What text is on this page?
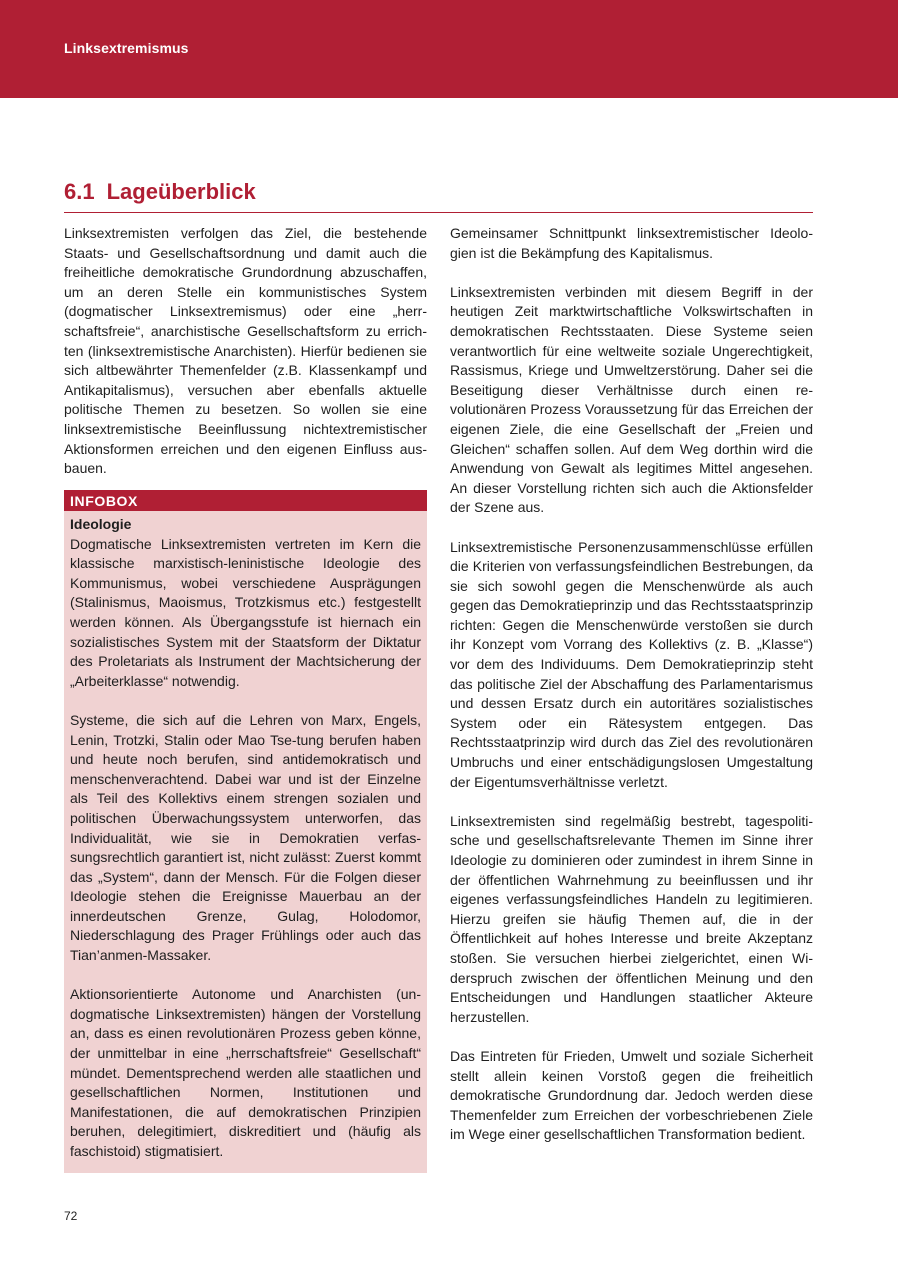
Linksextremismus
6.1 Lageüberblick

Linksextremisten verfolgen das Ziel, die bestehende Staats- und Gesellschaftsordnung und damit auch die freiheitliche demokratische Grundordnung abzuschaffen, um an deren Stelle ein kommunistisches System (dogmatischer Linksextremismus) oder eine „herrschaftsfreie“, anarchistische Gesellschaftsform zu errichten (linksextremistische Anarchisten). Hierfür bedienen sie sich altbewährter Themenfelder (z.B. Klassenkampf und Antikapitalismus), versuchen aber ebenfalls aktuelle politische Themen zu besetzen. So wollen sie eine linksextremistische Beeinflussung nichtextremistischer Aktionsformen erreichen und den eigenen Einfluss ausbauen.

INFOBOX
Ideologie

Dogmatische Linksextremisten vertreten im Kern die klassische marxistisch-leninistische Ideologie des Kommunismus, wobei verschiedene Ausprägungen (Stalinismus, Maoismus, Trotzkismus etc.) festgestellt werden können. Als Übergangsstufe ist hiernach ein sozialistisches System mit der Staatsform der Diktatur des Proletariats als Instrument der Machtsicherung der „Arbeiterklasse“ notwendig.

Systeme, die sich auf die Lehren von Marx, Engels, Lenin, Trotzki, Stalin oder Mao Tse-tung berufen haben und heute noch berufen, sind antidemokratisch und menschenverachtend. Dabei war und ist der Einzelne als Teil des Kollektivs einem strengen sozialen und politischen Überwachungssystem unterworfen, das Individualität, wie sie in Demokratien verfassungsrechtlich garantiert ist, nicht zulässt: Zuerst kommt das „System“, dann der Mensch. Für die Folgen dieser Ideologie stehen die Ereignisse Mauerbau an der innerdeutschen Grenze, Gulag, Holodomor, Niederschlagung des Prager Frühlings oder auch das Tian’anmen-Massaker.

Aktionsorientierte Autonome und Anarchisten (undogmatische Linksextremisten) hängen der Vorstellung an, dass es einen revolutionären Prozess geben könne, der unmittelbar in eine „herrschaftsfreie“ Gesellschaft“ mündet. Dementsprechend werden alle staatlichen und gesellschaftlichen Normen, Institutionen und Manifestationen, die auf demokratischen Prinzipien beruhen, delegitimiert, diskreditiert und (häufig als faschistoid) stigmatisiert.

Gemeinsamer Schnittpunkt linksextremistischer Ideologien ist die Bekämpfung des Kapitalismus.

Linksextremisten verbinden mit diesem Begriff in der heutigen Zeit marktwirtschaftliche Volkswirtschaften in demokratischen Rechtsstaaten. Diese Systeme seien verantwortlich für eine weltweite soziale Ungerechtigkeit, Rassismus, Kriege und Umweltzerstörung. Daher sei die Beseitigung dieser Verhältnisse durch einen revolutionären Prozess Voraussetzung für das Erreichen der eigenen Ziele, die eine Gesellschaft der „Freien und Gleichen“ schaffen sollen. Auf dem Weg dorthin wird die Anwendung von Gewalt als legitimes Mittel angesehen. An dieser Vorstellung richten sich auch die Aktionsfelder der Szene aus.

Linksextremistische Personenzusammenschlüsse erfüllen die Kriterien von verfassungsfeindlichen Bestrebungen, da sie sich sowohl gegen die Menschenwürde als auch gegen das Demokratieprinzip und das Rechtsstaatsprinzip richten: Gegen die Menschenwürde verstoßen sie durch ihr Konzept vom Vorrang des Kollektivs (z. B. „Klasse“) vor dem des Individuums. Dem Demokratieprinzip steht das politische Ziel der Abschaffung des Parlamentarismus und dessen Ersatz durch ein autoritäres sozialistisches System oder ein Rätesystem entgegen. Das Rechtsstaatprinzip wird durch das Ziel des revolutionären Umbruchs und einer entschädigungslosen Umgestaltung der Eigentumsverhältnisse verletzt.

Linksextremisten sind regelmäßig bestrebt, tagespolitische und gesellschaftsrelevante Themen im Sinne ihrer Ideologie zu dominieren oder zumindest in ihrem Sinne in der öffentlichen Wahrnehmung zu beeinflussen und ihr eigenes verfassungsfeindliches Handeln zu legitimieren. Hierzu greifen sie häufig Themen auf, die in der Öffentlichkeit auf hohes Interesse und breite Akzeptanz stoßen. Sie versuchen hierbei zielgerichtet, einen Widerspruch zwischen der öffentlichen Meinung und den Entscheidungen und Handlungen staatlicher Akteure herzustellen.

Das Eintreten für Frieden, Umwelt und soziale Sicherheit stellt allein keinen Vorstoß gegen die freiheitlich demokratische Grundordnung dar. Jedoch werden diese Themenfelder zum Erreichen der vorbeschriebenen Ziele im Wege einer gesellschaftlichen Transformation bedient.

72
